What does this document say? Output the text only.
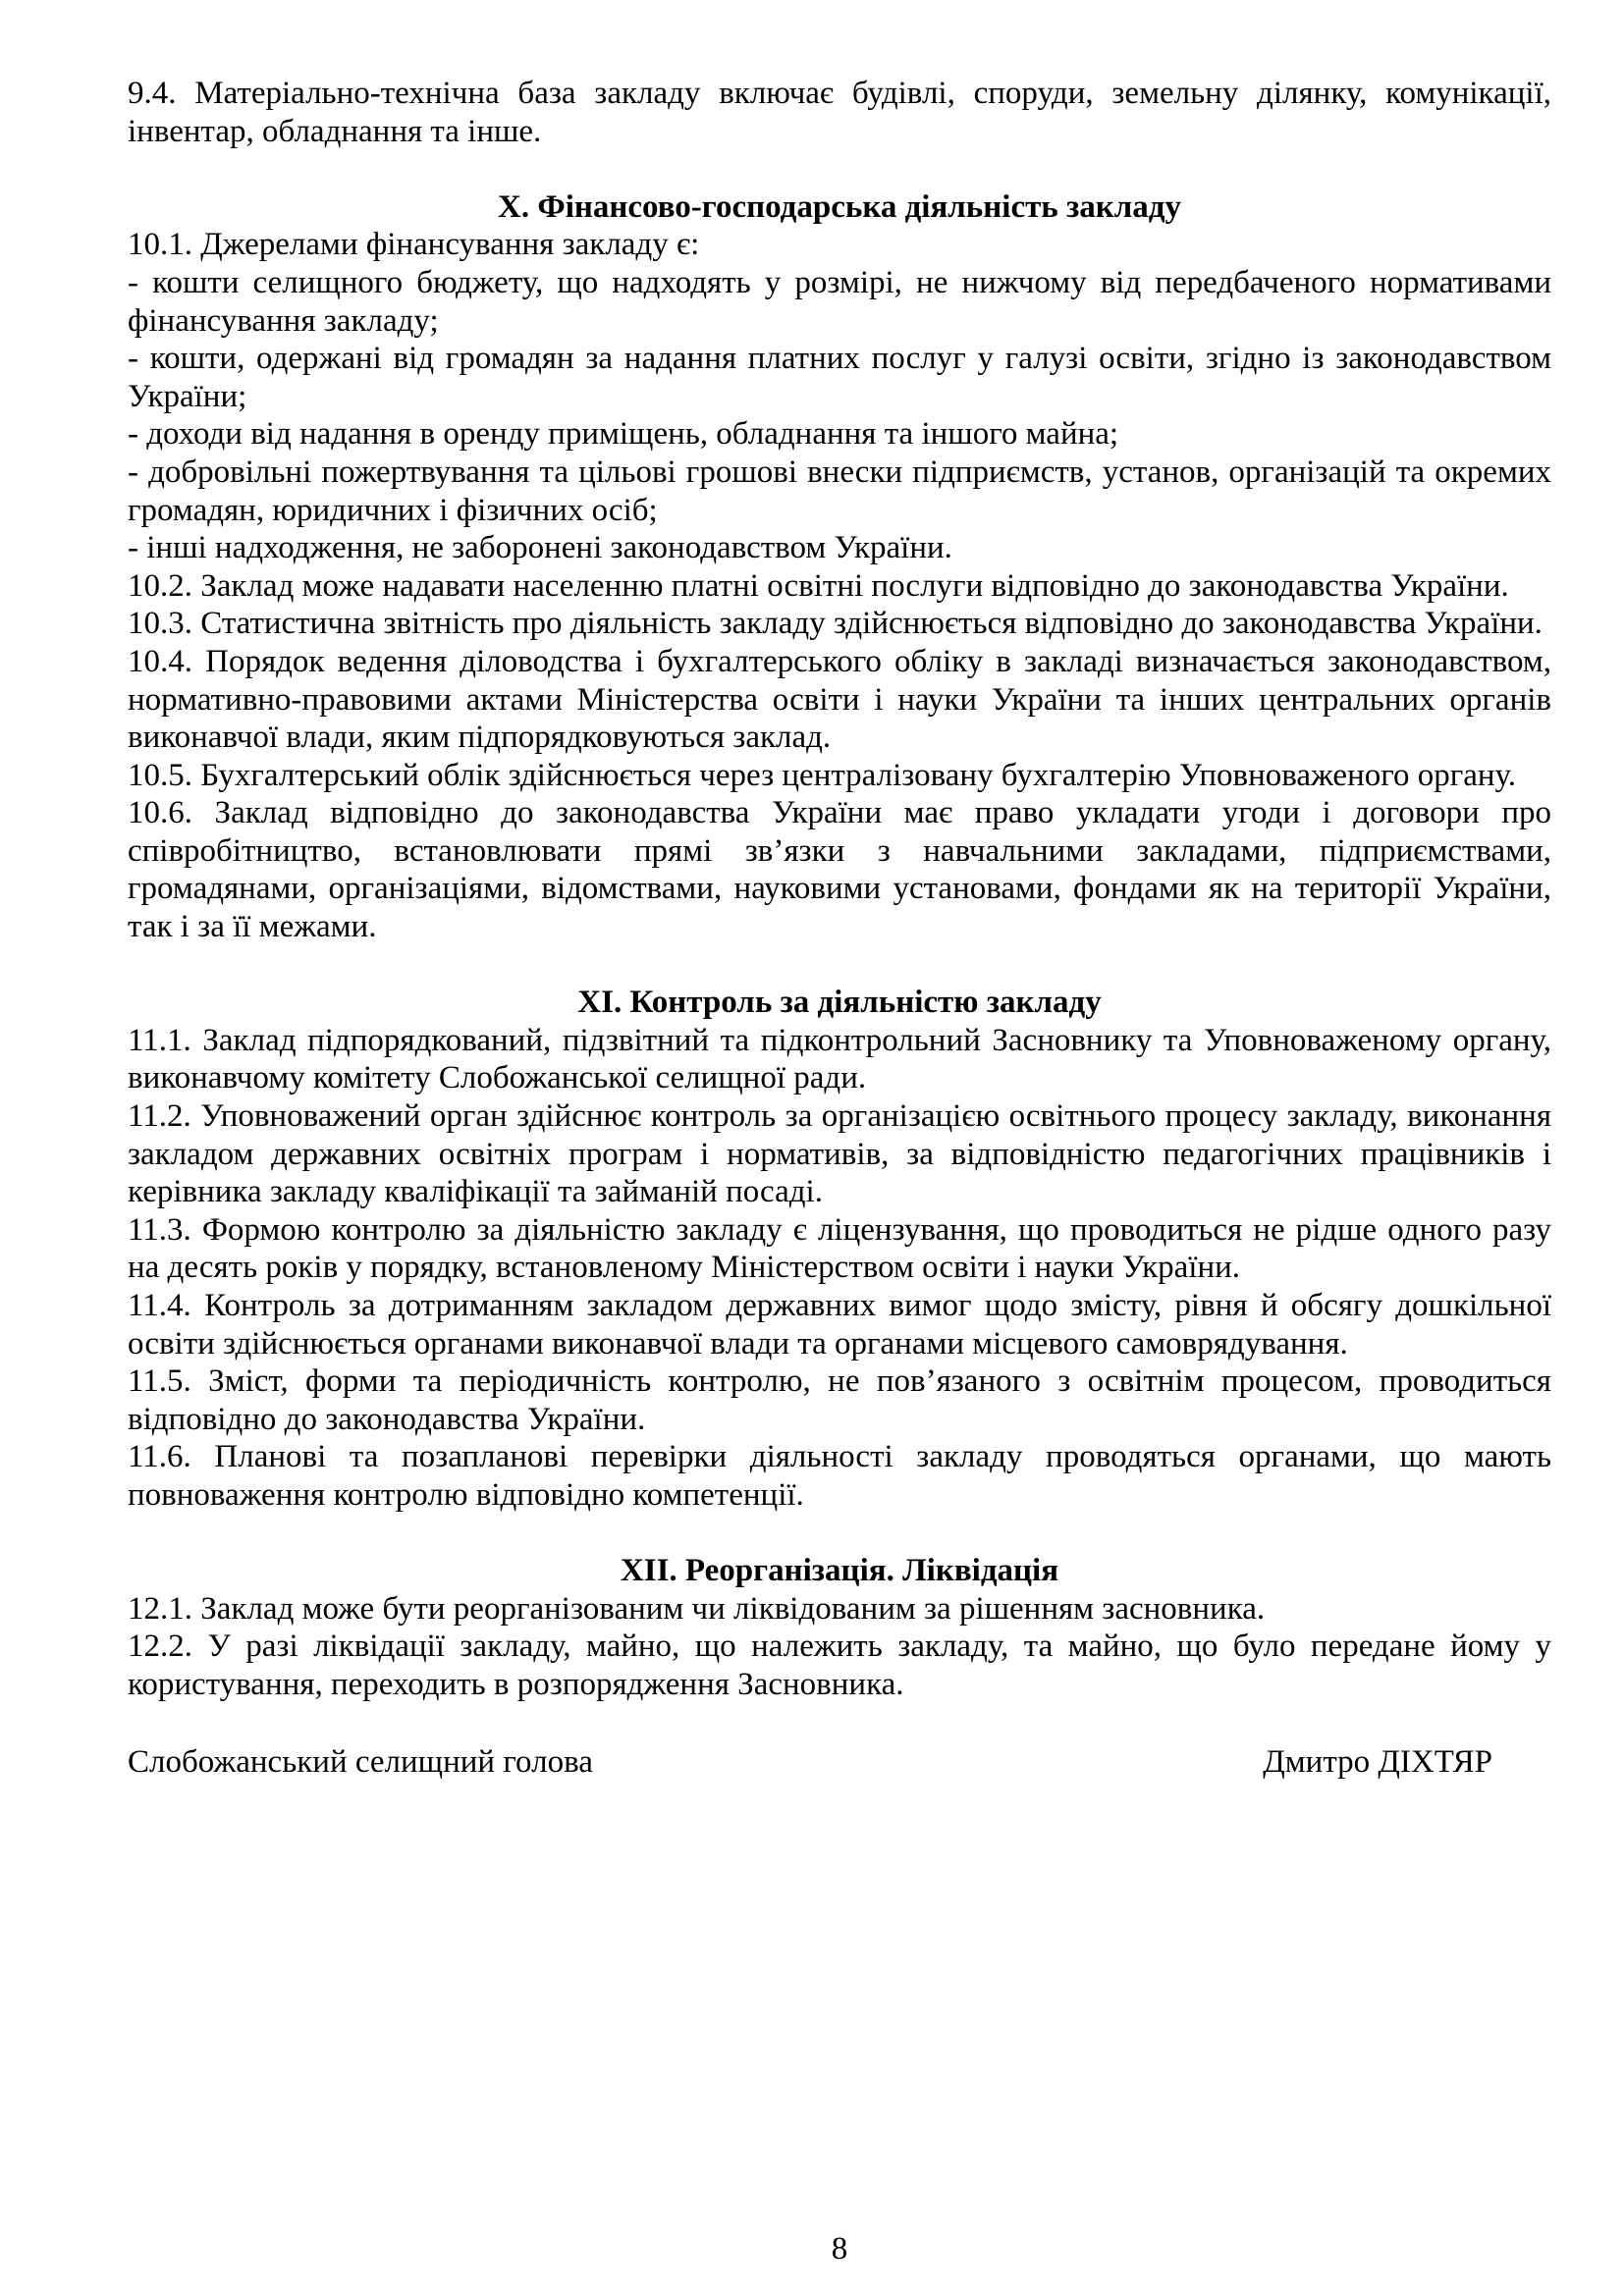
9.4. Матеріально-технічна база закладу включає будівлі, споруди, земельну ділянку, комунікації, інвентар, обладнання та інше.

X. Фінансово-господарська діяльність закладу

10.1. Джерелами фінансування закладу є:

- кошти селищного бюджету, що надходять у розмірі, не нижчому від передбаченого нормативами фінансування закладу;

- кошти, одержані від громадян за надання платних послуг у галузі освіти, згідно із законодавством України;

- доходи від надання в оренду приміщень, обладнання та іншого майна;

- добровільні пожертвування та цільові грошові внески підприємств, установ, організацій та окремих громадян, юридичних і фізичних осіб;

- інші надходження, не заборонені законодавством України.

10.2. Заклад може надавати населенню платні освітні послуги відповідно до законодавства України.

10.3. Статистична звітність про діяльність закладу здійснюється відповідно до законодавства України.

10.4. Порядок ведення діловодства і бухгалтерського обліку в закладі визначається законодавством, нормативно-правовими актами Міністерства освіти і науки України та інших центральних органів виконавчої влади, яким підпорядковуються заклад.

10.5. Бухгалтерський облік здійснюється через централізовану бухгалтерію Уповноваженого органу.

10.6. Заклад відповідно до законодавства України має право укладати угоди і договори про співробітництво, встановлювати прямі зв’язки з навчальними закладами, підприємствами, громадянами, організаціями, відомствами, науковими установами, фондами як на території України, так і за її межами.

XI. Контроль за діяльністю закладу

11.1. Заклад підпорядкований, підзвітний та підконтрольний Засновнику та Уповноваженому органу, виконавчому комітету Слобожанської селищної ради.

11.2. Уповноважений орган здійснює контроль за організацією освітнього процесу закладу, виконання закладом державних освітніх програм і нормативів, за відповідністю педагогічних працівників і керівника закладу кваліфікації та займаній посаді.

11.3. Формою контролю за діяльністю закладу є ліцензування, що проводиться не рідше одного разу на десять років у порядку, встановленому Міністерством освіти і науки України.

11.4. Контроль за дотриманням закладом державних вимог щодо змісту, рівня й обсягу дошкільної освіти здійснюється органами виконавчої влади та органами місцевого самоврядування.

11.5. Зміст, форми та періодичність контролю, не пов’язаного з освітнім процесом, проводиться відповідно до законодавства України.

11.6. Планові та позапланові перевірки діяльності закладу проводяться органами, що мають повноваження контролю відповідно компетенції.

XII. Реорганізація. Ліквідація

12.1. Заклад може бути реорганізованим чи ліквідованим за рішенням засновника.

12.2. У разі ліквідації закладу, майно, що належить закладу, та майно, що було передане йому у користування, переходить в розпорядження Засновника.

Слобожанський селищний голова	Дмитро ДІХТЯР
8
